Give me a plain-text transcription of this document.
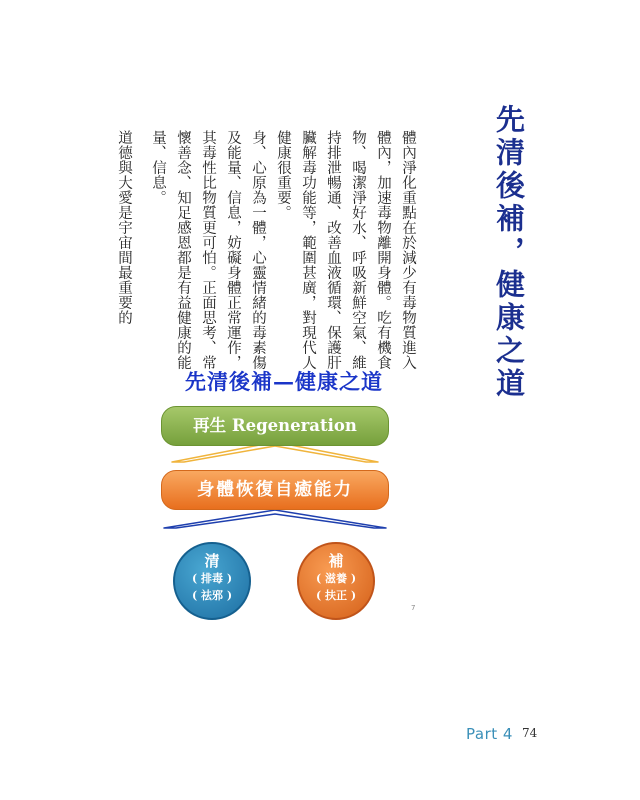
先清後補，健康之道

體內淨化重點在於減少有毒物質進入體內，加速毒物離開身體。吃有機食物、喝潔淨好水、呼吸新鮮空氣、維持排泄暢通、改善血液循環、保護肝臟解毒功能等，範圍甚廣，對現代人健康很重要。

身、心原為一體，心靈情緒的毒素傷及能量、信息，妨礙身體正常運作，其毒性比物質更可怕。正面思考、常懷善念、知足感恩都是有益健康的能量、信息。

道德與大愛是宇宙間最重要的

先清後補—健康之道
再生 Regeneration
身體恢復自癒能力
清
( 排毒 )
( 祛邪 )
補
( 滋養 )
( 扶正 )
7
Part 4 74
